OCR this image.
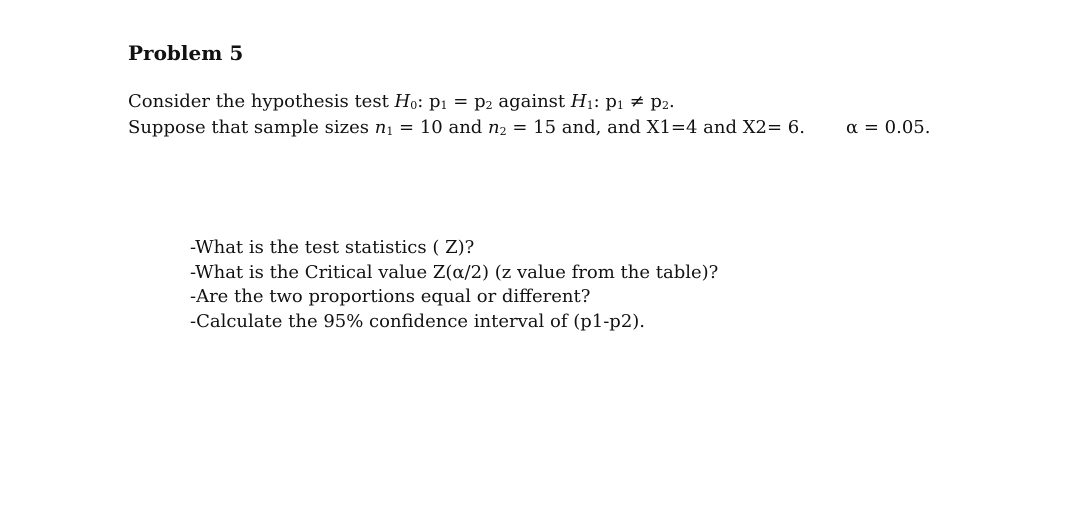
Problem 5
Consider the hypothesis test $H_0$: $p_1 = p_2$ against $H_1$: $p_1 \ne p_2$.
Suppose that sample sizes $n_1 = 10$ and $n_2 = 15$ and, and X1=4 and X2= 6. α = 0.05.
-What is the test statistics ( Z)?
-What is the Critical value Z(α/2) (z value from the table)?
-Are the two proportions equal or different?
-Calculate the 95% confidence interval of (p1-p2).
